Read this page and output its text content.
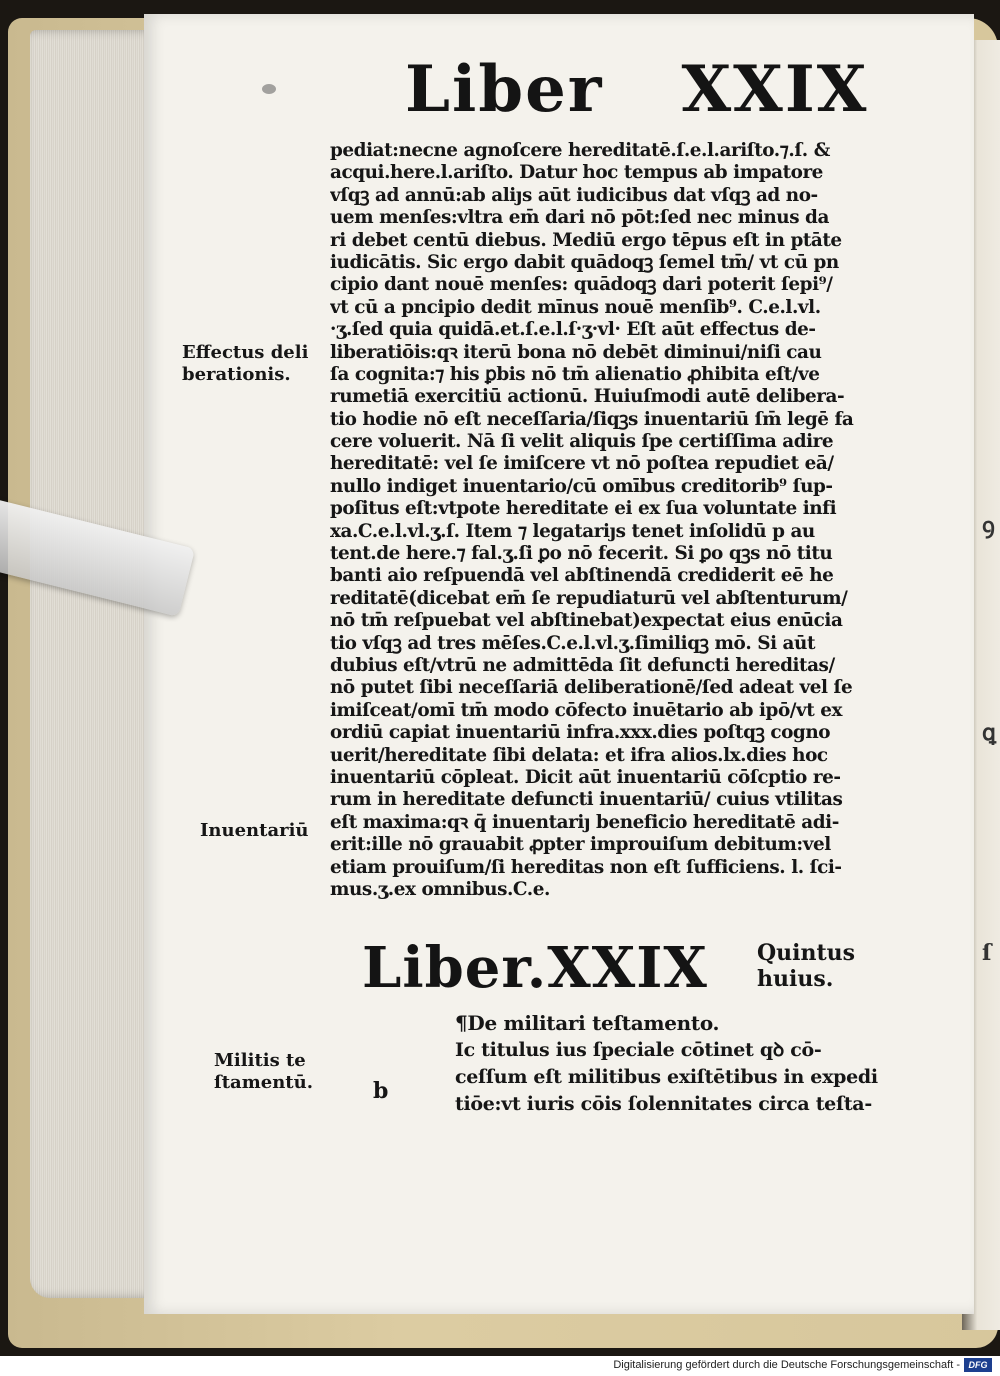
ꝯ
ꝗ
ſ
Liber XXIX
pediat:necne agnoſcere hereditatē.ſ.e.l.ariſto.⁊.ſ. &
acqui.here.l.ariſto. Datur hoc tempus ab impatore
vſqꝫ ad annū:ab aliȷs aūt iudicibus dat vſqꝫ ad no-
uem menſes:vltra em̄ dari nō pōt:ſed nec minus da
ri debet centū diebus. Mediū ergo tēpus eſt in ptāte
iudicātis. Sic ergo dabit quādoqꝫ ſemel tm̄/ vt cū pn
cipio dant nouē menſes: quādoqꝫ dari poterit ſepi⁹/
vt cū a pncipio dedit mīnus nouē menſib⁹. C.e.l.vl.
·ʒ.ſed quia quidā.et.ſ.e.l.ſ·ʒ·vl· Eſt aūt effectus de-
liberatiōis:qꝛ iterū bona nō debēt diminui/niſi cau
ſa cognita:⁊ his ꝑbis nō tm̄ alienatio ꝓhibita eſt/ve
rumetiā exercitiū actionū. Huiuſmodi autē delibera-
tio hodie nō eſt neceſſaria/ſiqꝫs inuentariū ſm̄ legē fa
cere voluerit. Nā ſi velit aliquis ſpe certiſſima adire
hereditatē: vel ſe imiſcere vt nō poſtea repudiet eā/
nullo indiget inuentario/cū omībus creditorib⁹ ſup-
poſitus eſt:vtpote hereditate ei ex ſua voluntate infi
xa.C.e.l.vl.ʒ.ſ. Item ⁊ legatariȷs tenet inſolidū p au
tent.de here.⁊ fal.ʒ.ſi ꝑo nō fecerit. Si ꝑo qꝫs nō titu
banti aio reſpuendā vel abſtinendā crediderit eē he
reditatē(dicebat em̄ ſe repudiaturū vel abſtenturum/
nō tm̄ reſpuebat vel abſtinebat)expectat eius enūcia
tio vſqꝫ ad tres mēſes.C.e.l.vl.ʒ.ſimiliqꝫ mō. Si aūt
dubius eſt/vtrū ne admittēda ſit defuncti hereditas/
nō putet ſibi neceſſariā deliberationē/ſed adeat vel ſe
imiſceat/omī tm̄ modo cōfecto inuētario ab ipō/vt ex
ordiū capiat inuentariū infra.xxx.dies poſtqꝫ cogno
uerit/hereditate ſibi delata: et ifra alios.lx.dies hoc
inuentariū cōpleat. Dicit aūt inuentariū cōſcptio re-
rum in hereditate defuncti inuentariū/ cuius vtilitas
eſt maxima:qꝛ q̄ inuentariȷ beneficio hereditatē adi-
erit:ille nō grauabit ꝓpter improuiſum debitum:vel
etiam prouiſum/ſi hereditas non eſt ſufficiens. l. ſci-
mus.ʒ.ex omnibus.C.e.
Effectus deli
berationis.
Inuentariū
Liber.XXIX Quintus
huius.
Militis te
ſtamentū.
¶De militari teſtamento.
Ic titulus ius ſpeciale cōtinet qꝺ cō-
ceſſum eſt militibus exiſtētibus in expedi
tiōe:vt iuris cōis ſolennitates circa teſta-
b
Digitalisierung gefördert durch die Deutsche Forschungsgemeinschaft - DFG
